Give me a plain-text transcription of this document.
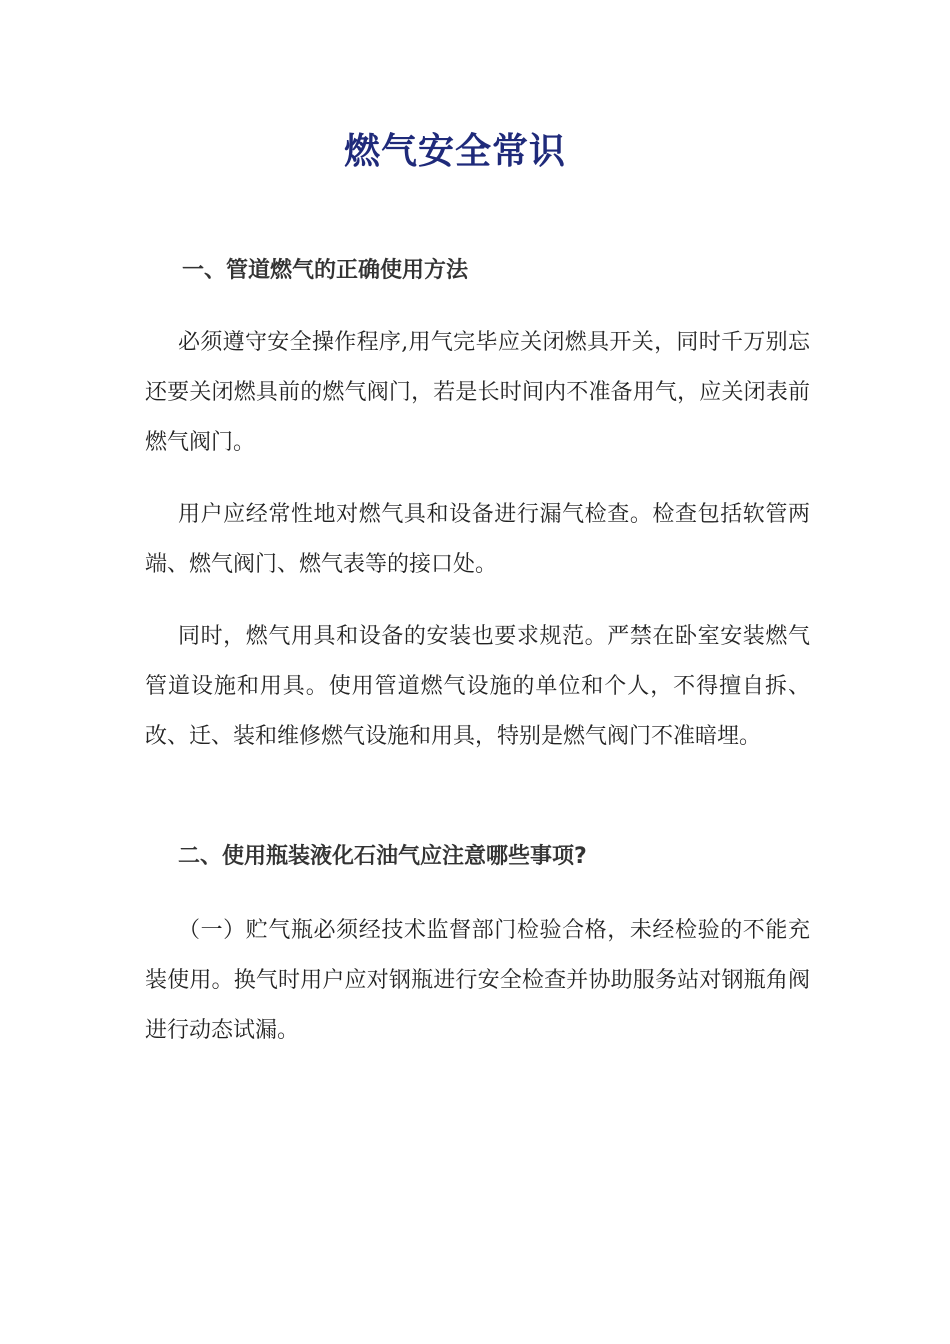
燃气安全常识
一、管道燃气的正确使用方法
必须遵守安全操作程序,用气完毕应关闭燃具开关，同时千万别忘还要关闭燃具前的燃气阀门，若是长时间内不准备用气，应关闭表前燃气阀门。
用户应经常性地对燃气具和设备进行漏气检查。检查包括软管两端、燃气阀门、燃气表等的接口处。
同时，燃气用具和设备的安装也要求规范。严禁在卧室安装燃气管道设施和用具。使用管道燃气设施的单位和个人，不得擅自拆、改、迁、装和维修燃气设施和用具，特别是燃气阀门不准暗埋。
二、使用瓶装液化石油气应注意哪些事项?
（一）贮气瓶必须经技术监督部门检验合格，未经检验的不能充装使用。换气时用户应对钢瓶进行安全检查并协助服务站对钢瓶角阀进行动态试漏。
